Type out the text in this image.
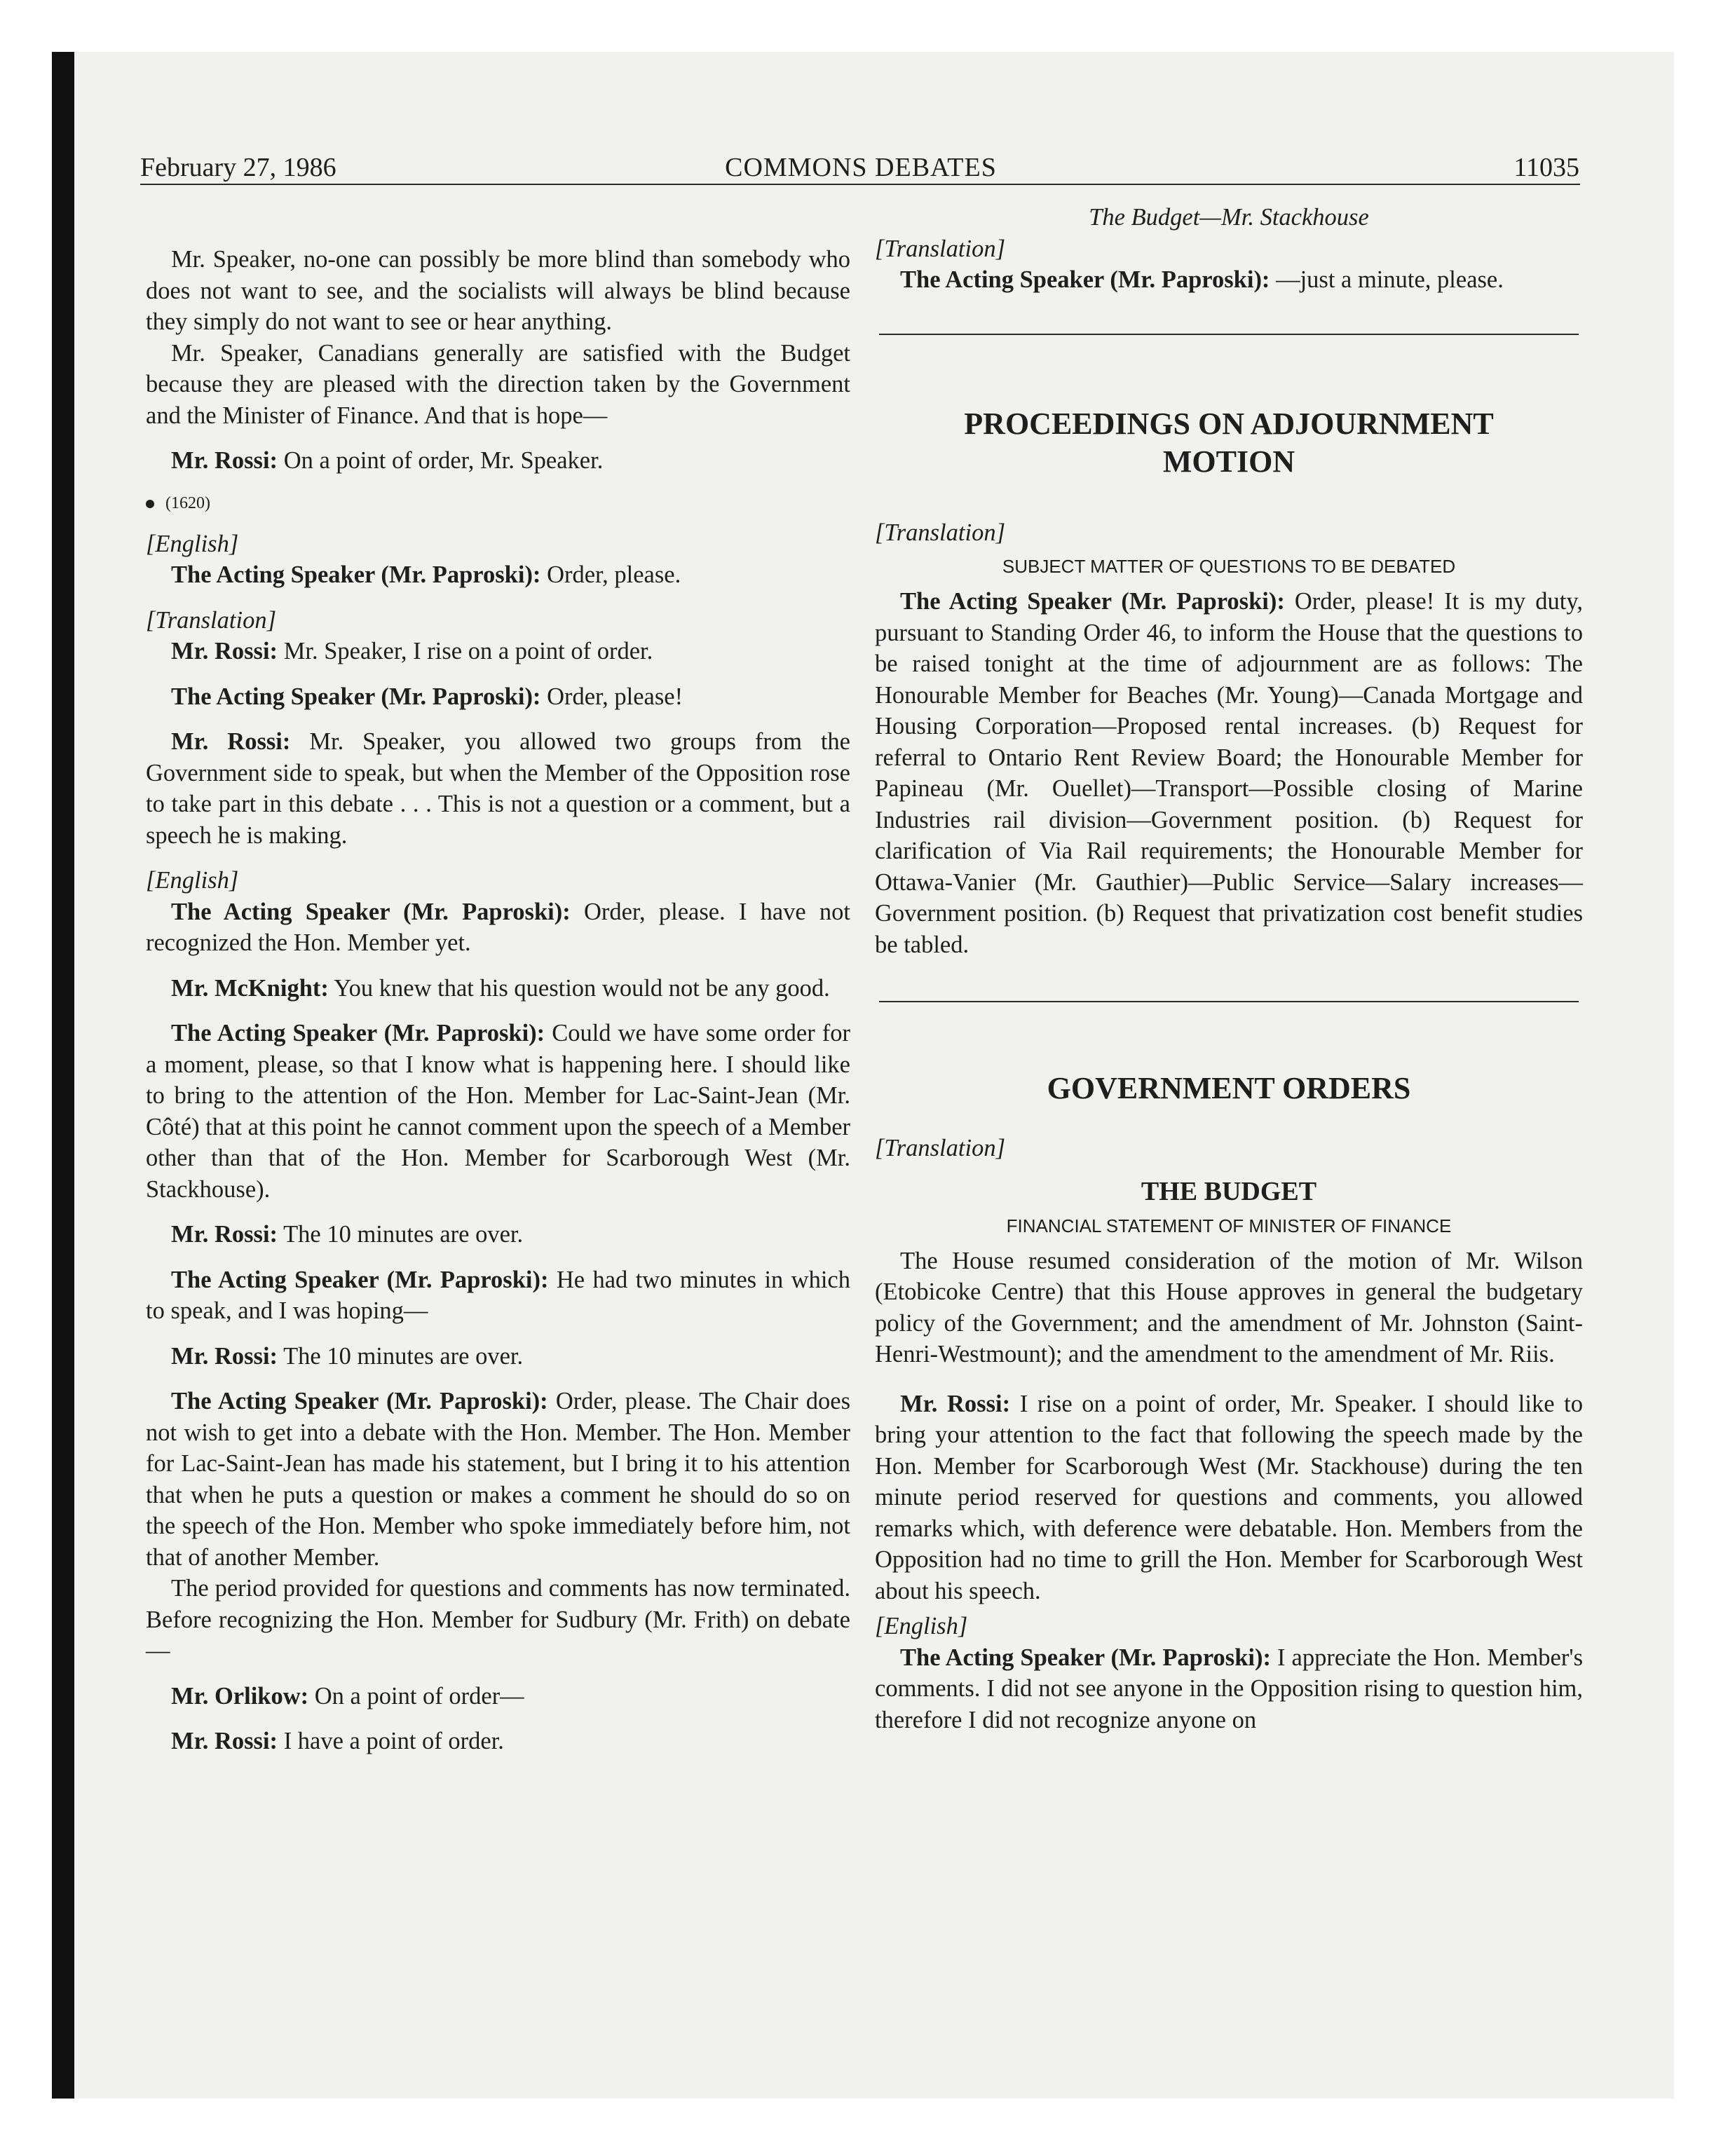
February 27, 1986	COMMONS DEBATES	11035

Mr. Speaker, no-one can possibly be more blind than somebody who does not want to see, and the socialists will always be blind because they simply do not want to see or hear anything.

Mr. Speaker, Canadians generally are satisfied with the Budget because they are pleased with the direction taken by the Government and the Minister of Finance. And that is hope—

Mr. Rossi: On a point of order, Mr. Speaker.

(1620)

[English]

The Acting Speaker (Mr. Paproski): Order, please.

[Translation]

Mr. Rossi: Mr. Speaker, I rise on a point of order.

The Acting Speaker (Mr. Paproski): Order, please!

Mr. Rossi: Mr. Speaker, you allowed two groups from the Government side to speak, but when the Member of the Opposition rose to take part in this debate . . . This is not a question or a comment, but a speech he is making.

[English]

The Acting Speaker (Mr. Paproski): Order, please. I have not recognized the Hon. Member yet.

Mr. McKnight: You knew that his question would not be any good.

The Acting Speaker (Mr. Paproski): Could we have some order for a moment, please, so that I know what is happening here. I should like to bring to the attention of the Hon. Member for Lac-Saint-Jean (Mr. Côté) that at this point he cannot comment upon the speech of a Member other than that of the Hon. Member for Scarborough West (Mr. Stackhouse).

Mr. Rossi: The 10 minutes are over.

The Acting Speaker (Mr. Paproski): He had two minutes in which to speak, and I was hoping—

Mr. Rossi: The 10 minutes are over.

The Acting Speaker (Mr. Paproski): Order, please. The Chair does not wish to get into a debate with the Hon. Member. The Hon. Member for Lac-Saint-Jean has made his statement, but I bring it to his attention that when he puts a question or makes a comment he should do so on the speech of the Hon. Member who spoke immediately before him, not that of another Member.

The period provided for questions and comments has now terminated. Before recognizing the Hon. Member for Sudbury (Mr. Frith) on debate—

Mr. Orlikow: On a point of order—

Mr. Rossi: I have a point of order.

The Budget—Mr. Stackhouse

[Translation]

The Acting Speaker (Mr. Paproski): —just a minute, please.

PROCEEDINGS ON ADJOURNMENT MOTION

[Translation]

SUBJECT MATTER OF QUESTIONS TO BE DEBATED

The Acting Speaker (Mr. Paproski): Order, please! It is my duty, pursuant to Standing Order 46, to inform the House that the questions to be raised tonight at the time of adjournment are as follows: The Honourable Member for Beaches (Mr. Young)—Canada Mortgage and Housing Corporation—Proposed rental increases. (b) Request for referral to Ontario Rent Review Board; the Honourable Member for Papineau (Mr. Ouellet)—Transport—Possible closing of Marine Industries rail division—Government position. (b) Request for clarification of Via Rail requirements; the Honourable Member for Ottawa-Vanier (Mr. Gauthier)—Public Service—Salary increases—Government position. (b) Request that privatization cost benefit studies be tabled.

GOVERNMENT ORDERS

[Translation]

THE BUDGET

FINANCIAL STATEMENT OF MINISTER OF FINANCE

The House resumed consideration of the motion of Mr. Wilson (Etobicoke Centre) that this House approves in general the budgetary policy of the Government; and the amendment of Mr. Johnston (Saint-Henri-Westmount); and the amendment to the amendment of Mr. Riis.

Mr. Rossi: I rise on a point of order, Mr. Speaker. I should like to bring your attention to the fact that following the speech made by the Hon. Member for Scarborough West (Mr. Stackhouse) during the ten minute period reserved for questions and comments, you allowed remarks which, with deference were debatable. Hon. Members from the Opposition had no time to grill the Hon. Member for Scarborough West about his speech.

[English]

The Acting Speaker (Mr. Paproski): I appreciate the Hon. Member's comments. I did not see anyone in the Opposition rising to question him, therefore I did not recognize anyone on
